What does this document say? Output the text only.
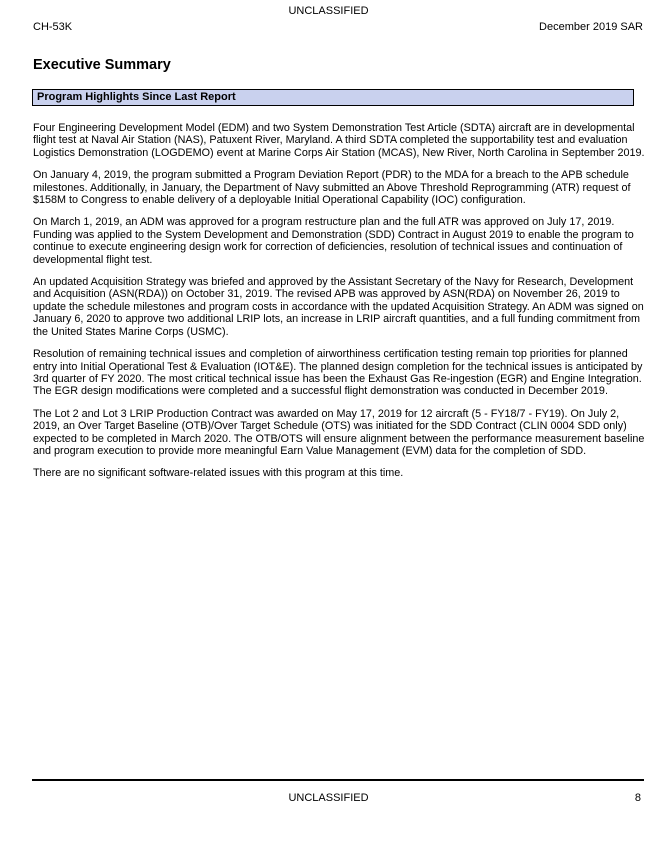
UNCLASSIFIED
CH-53K	December 2019 SAR
Executive Summary
Program Highlights Since Last Report

Four Engineering Development Model (EDM) and two System Demonstration Test Article (SDTA) aircraft are in developmental flight test at Naval Air Station (NAS), Patuxent River, Maryland. A third SDTA completed the supportability test and evaluation Logistics Demonstration (LOGDEMO) event at Marine Corps Air Station (MCAS), New River, North Carolina in September 2019.

On January 4, 2019, the program submitted a Program Deviation Report (PDR) to the MDA for a breach to the APB schedule milestones. Additionally, in January, the Department of Navy submitted an Above Threshold Reprogramming (ATR) request of $158M to Congress to enable delivery of a deployable Initial Operational Capability (IOC) configuration.

On March 1, 2019, an ADM was approved for a program restructure plan and the full ATR was approved on July 17, 2019. Funding was applied to the System Development and Demonstration (SDD) Contract in August 2019 to enable the program to continue to execute engineering design work for correction of deficiencies, resolution of technical issues and continuation of developmental flight test.

An updated Acquisition Strategy was briefed and approved by the Assistant Secretary of the Navy for Research, Development and Acquisition (ASN(RDA)) on October 31, 2019. The revised APB was approved by ASN(RDA) on November 26, 2019 to update the schedule milestones and program costs in accordance with the updated Acquisition Strategy. An ADM was signed on January 6, 2020 to approve two additional LRIP lots, an increase in LRIP aircraft quantities, and a full funding commitment from the United States Marine Corps (USMC).

Resolution of remaining technical issues and completion of airworthiness certification testing remain top priorities for planned entry into Initial Operational Test & Evaluation (IOT&E). The planned design completion for the technical issues is anticipated by 3rd quarter of FY 2020. The most critical technical issue has been the Exhaust Gas Re-ingestion (EGR) and Engine Integration. The EGR design modifications were completed and a successful flight demonstration was conducted in December 2019.

The Lot 2 and Lot 3 LRIP Production Contract was awarded on May 17, 2019 for 12 aircraft (5 - FY18/7 - FY19). On July 2, 2019, an Over Target Baseline (OTB)/Over Target Schedule (OTS) was initiated for the SDD Contract (CLIN 0004 SDD only) expected to be completed in March 2020. The OTB/OTS will ensure alignment between the performance measurement baseline and program execution to provide more meaningful Earn Value Management (EVM) data for the completion of SDD.

There are no significant software-related issues with this program at this time.

UNCLASSIFIED	8
